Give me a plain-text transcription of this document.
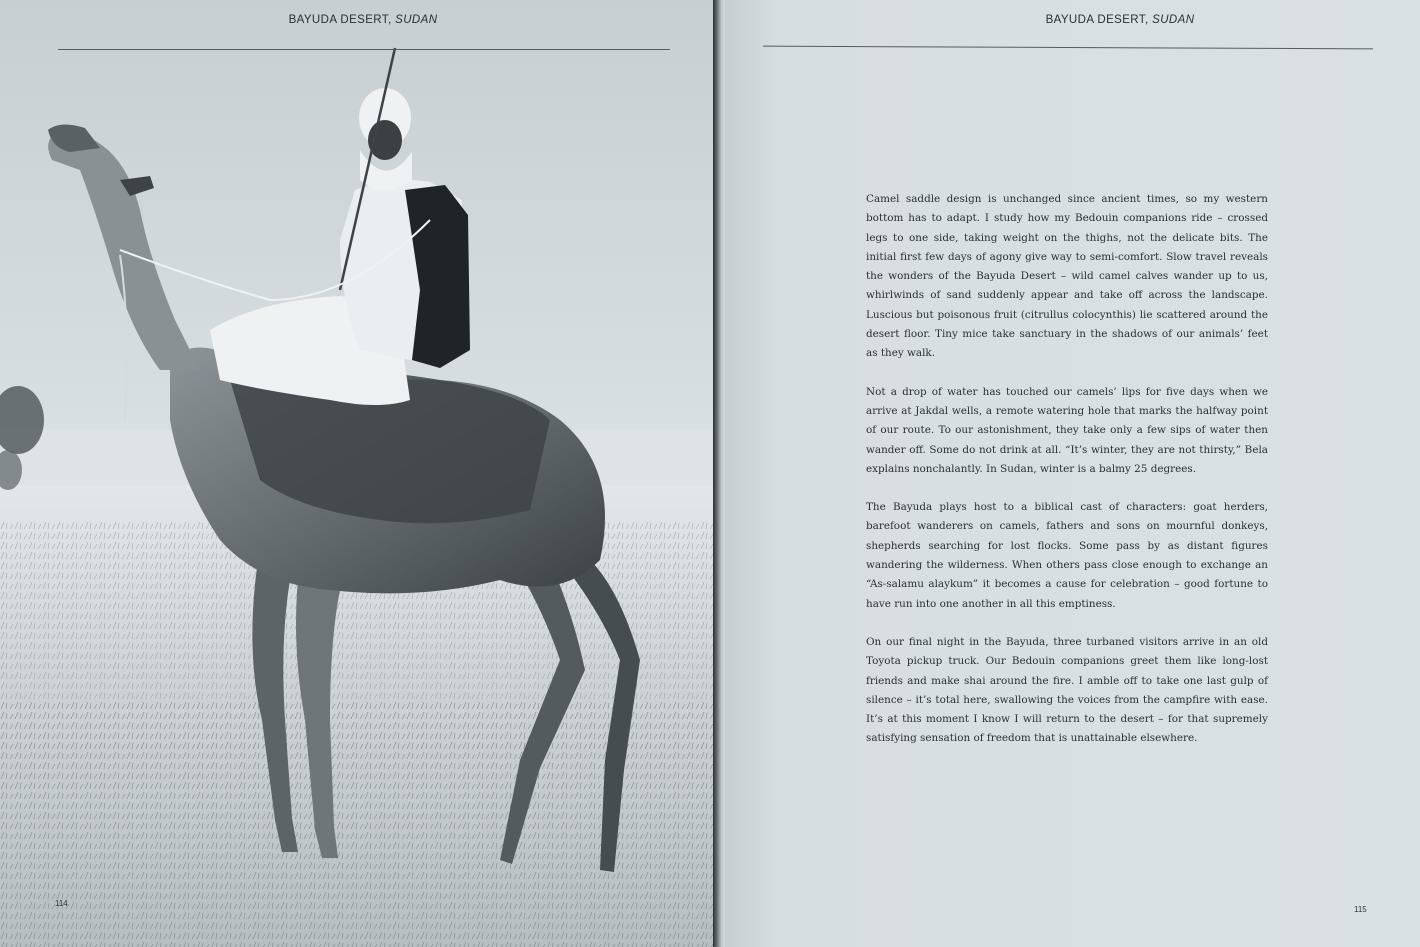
BAYUDA DESERT, SUDAN
114
BAYUDA DESERT, SUDAN

Camel saddle design is unchanged since ancient times, so my western bottom has to adapt. I study how my Bedouin companions ride – crossed legs to one side, taking weight on the thighs, not the delicate bits. The initial first few days of agony give way to semi-comfort. Slow travel reveals the wonders of the Bayuda Desert – wild camel calves wander up to us, whirlwinds of sand suddenly appear and take off across the landscape. Luscious but poisonous fruit (citrullus colocynthis) lie scattered around the desert floor. Tiny mice take sanctuary in the shadows of our animals’ feet as they walk.

Not a drop of water has touched our camels’ lips for five days when we arrive at Jakdal wells, a remote watering hole that marks the halfway point of our route. To our astonishment, they take only a few sips of water then wander off. Some do not drink at all. “It’s winter, they are not thirsty,” Bela explains nonchalantly. In Sudan, winter is a balmy 25 degrees.

The Bayuda plays host to a biblical cast of characters: goat herders, barefoot wanderers on camels, fathers and sons on mournful donkeys, shepherds searching for lost flocks. Some pass by as distant figures wandering the wilderness. When others pass close enough to exchange an “As-salamu alaykum” it becomes a cause for celebration – good fortune to have run into one another in all this emptiness.

On our final night in the Bayuda, three turbaned visitors arrive in an old Toyota pickup truck. Our Bedouin companions greet them like long-lost friends and make shai around the fire. I amble off to take one last gulp of silence – it’s total here, swallowing the voices from the campfire with ease. It’s at this moment I know I will return to the desert – for that supremely satisfying sensation of freedom that is unattainable elsewhere.

115
